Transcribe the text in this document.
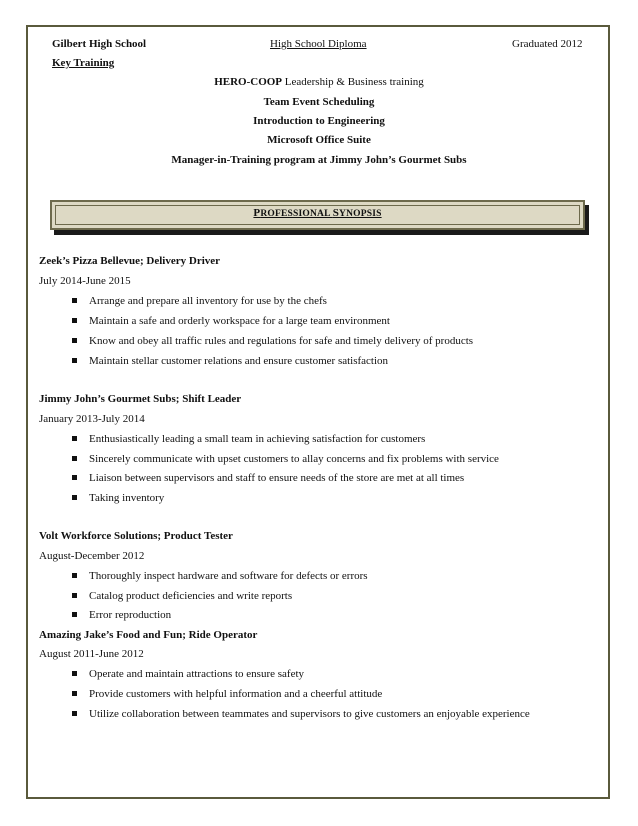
Gilbert High School	High School Diploma	Graduated 2012
Key Training
HERO-COOP Leadership & Business training
Team Event Scheduling
Introduction to Engineering
Microsoft Office Suite
Manager-in-Training program at Jimmy John’s Gourmet Subs
PROFESSIONAL SYNOPSIS
Zeek’s Pizza Bellevue; Delivery Driver
July 2014-June 2015
Arrange and prepare all inventory for use by the chefs
Maintain a safe and orderly workspace for a large team environment
Know and obey all traffic rules and regulations for safe and timely delivery of products
Maintain stellar customer relations and ensure customer satisfaction
Jimmy John’s Gourmet Subs; Shift Leader
January 2013-July 2014
Enthusiastically leading a small team in achieving satisfaction for customers
Sincerely communicate with upset customers to allay concerns and fix problems with service
Liaison between supervisors and staff to ensure needs of the store are met at all times
Taking inventory
Volt Workforce Solutions; Product Tester
August-December 2012
Thoroughly inspect hardware and software for defects or errors
Catalog product deficiencies and write reports
Error reproduction
Amazing Jake’s Food and Fun; Ride Operator
August 2011-June 2012
Operate and maintain attractions to ensure safety
Provide customers with helpful information and a cheerful attitude
Utilize collaboration between teammates and supervisors to give customers an enjoyable experience
